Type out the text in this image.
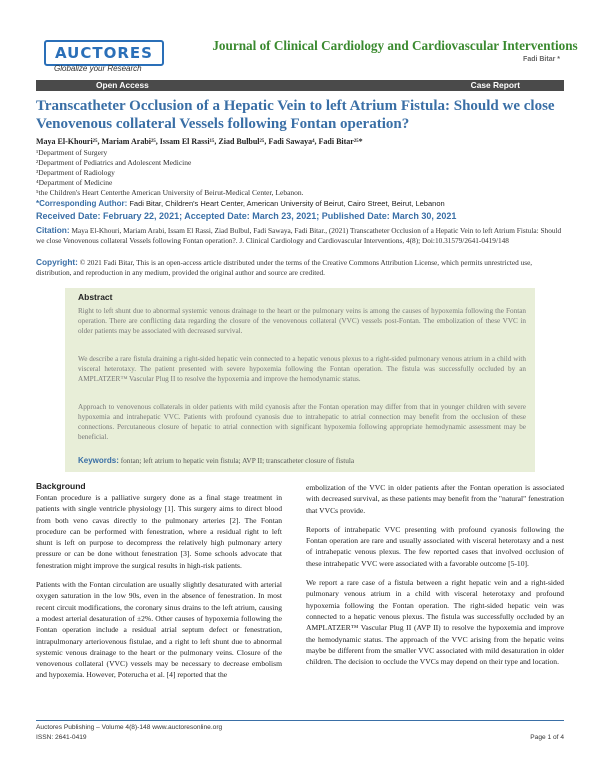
AUCTORES
Globalize your Research
Journal of Clinical Cardiology and Cardiovascular Interventions
Fadi Bitar *
Open Access	Case Report
Transcatheter Occlusion of a Hepatic Vein to left Atrium Fistula: Should we close Venovenous collateral Vessels following Fontan operation?
Maya El-Khouri²⁵, Mariam Arabi²⁵, Issam El Rassi¹⁵, Ziad Bulbul²⁵, Fadi Sawaya⁴, Fadi Bitar²⁵*
¹Department of Surgery
²Department of Pediatrics and Adolescent Medicine
³Department of Radiology
⁴Department of Medicine
⁵the Children's Heart Centerthe American University of Beirut-Medical Center, Lebanon.
*Corresponding Author: Fadi Bitar, Children's Heart Center, American University of Beirut, Cairo Street, Beirut, Lebanon
Received Date: February 22, 2021; Accepted Date: March 23, 2021; Published Date: March 30, 2021
Citation: Maya El-Khouri, Mariam Arabi, Issam El Rassi, Ziad Bulbul, Fadi Sawaya, Fadi Bitar., (2021) Transcatheter Occlusion of a Hepatic Vein to left Atrium Fistula: Should we close Venovenous collateral Vessels following Fontan operation?. J. Clinical Cardiology and Cardiovascular Interventions, 4(8); Doi:10.31579/2641-0419/148
Copyright: © 2021 Fadi Bitar, This is an open-access article distributed under the terms of the Creative Commons Attribution License, which permits unrestricted use, distribution, and reproduction in any medium, provided the original author and source are credited.
Abstract
Right to left shunt due to abnormal systemic venous drainage to the heart or the pulmonary veins is among the causes of hypoxemia following the Fontan operation. There are conflicting data regarding the closure of the venovenous collateral (VVC) vessels post-Fontan. The embolization of these VVC in older patients may be associated with decreased survival.
We describe a rare fistula draining a right-sided hepatic vein connected to a hepatic venous plexus to a right-sided pulmonary venous atrium in a child with visceral heterotaxy. The patient presented with severe hypoxemia following the Fontan operation. The fistula was successfully occluded by an AMPLATZER™ Vascular Plug II to resolve the hypoxemia and improve the hemodynamic status.
Approach to venovenous collaterals in older patients with mild cyanosis after the Fontan operation may differ from that in younger children with severe hypoxemia and intrahepatic VVC. Patients with profound cyanosis due to intrahepatic to atrial connection may benefit from the occlusion of these connections. Percutaneous closure of hepatic to atrial connection with significant hypoxemia following appropriate hemodynamic assessment may be beneficial.
Keywords: fontan; left atrium to hepatic vein fistula; AVP II; transcatheter closure of fistula
Background

Fontan procedure is a palliative surgery done as a final stage treatment in patients with single ventricle physiology [1]. This surgery aims to direct blood from both veno cavas directly to the pulmonary arteries [2]. The Fontan procedure can be performed with fenestration, where a residual right to left shunt is left on purpose to decompress the relatively high pulmonary artery pressure or can be done without fenestration [3]. Some schools advocate that fenestration might improve the surgical results in high-risk patients.

Patients with the Fontan circulation are usually slightly desaturated with arterial oxygen saturation in the low 90s, even in the absence of fenestration. In most recent circuit modifications, the coronary sinus drains to the left atrium, causing a modest arterial desaturation of ±2%. Other causes of hypoxemia following the Fontan operation include a residual atrial septum defect or fenestration, intrapulmonary arteriovenous fistulae, and a right to left shunt due to abnormal systemic venous drainage to the heart or the pulmonary veins. Closure of the venovenous collateral (VVC) vessels may be necessary to decrease embolism and hypoxemia. However, Poterucha et al. [4] reported that the

embolization of the VVC in older patients after the Fontan operation is associated with decreased survival, as these patients may benefit from the "natural" fenestration that VVCs provide.

Reports of intrahepatic VVC presenting with profound cyanosis following the Fontan operation are rare and usually associated with visceral heterotaxy and a nest of intrahepatic venous plexus. The few reported cases that involved occlusion of these intrahepatic VVC were associated with a favorable outcome [5-10].

We report a rare case of a fistula between a right hepatic vein and a right-sided pulmonary venous atrium in a child with visceral heterotaxy and profound hypoxemia following the Fontan operation. The right-sided hepatic vein was connected to a hepatic venous plexus. The fistula was successfully occluded by an AMPLATZER™ Vascular Plug II (AVP II) to resolve the hypoxemia and improve the hemodynamic status. The approach of the VVC arising from the hepatic veins maybe be different from the smaller VVC associated with mild desaturation in older children. The decision to occlude the VVCs may depend on their type and location.

Auctores Publishing – Volume 4(8)-148 www.auctoresonline.org
ISSN: 2641-0419	Page 1 of 4
